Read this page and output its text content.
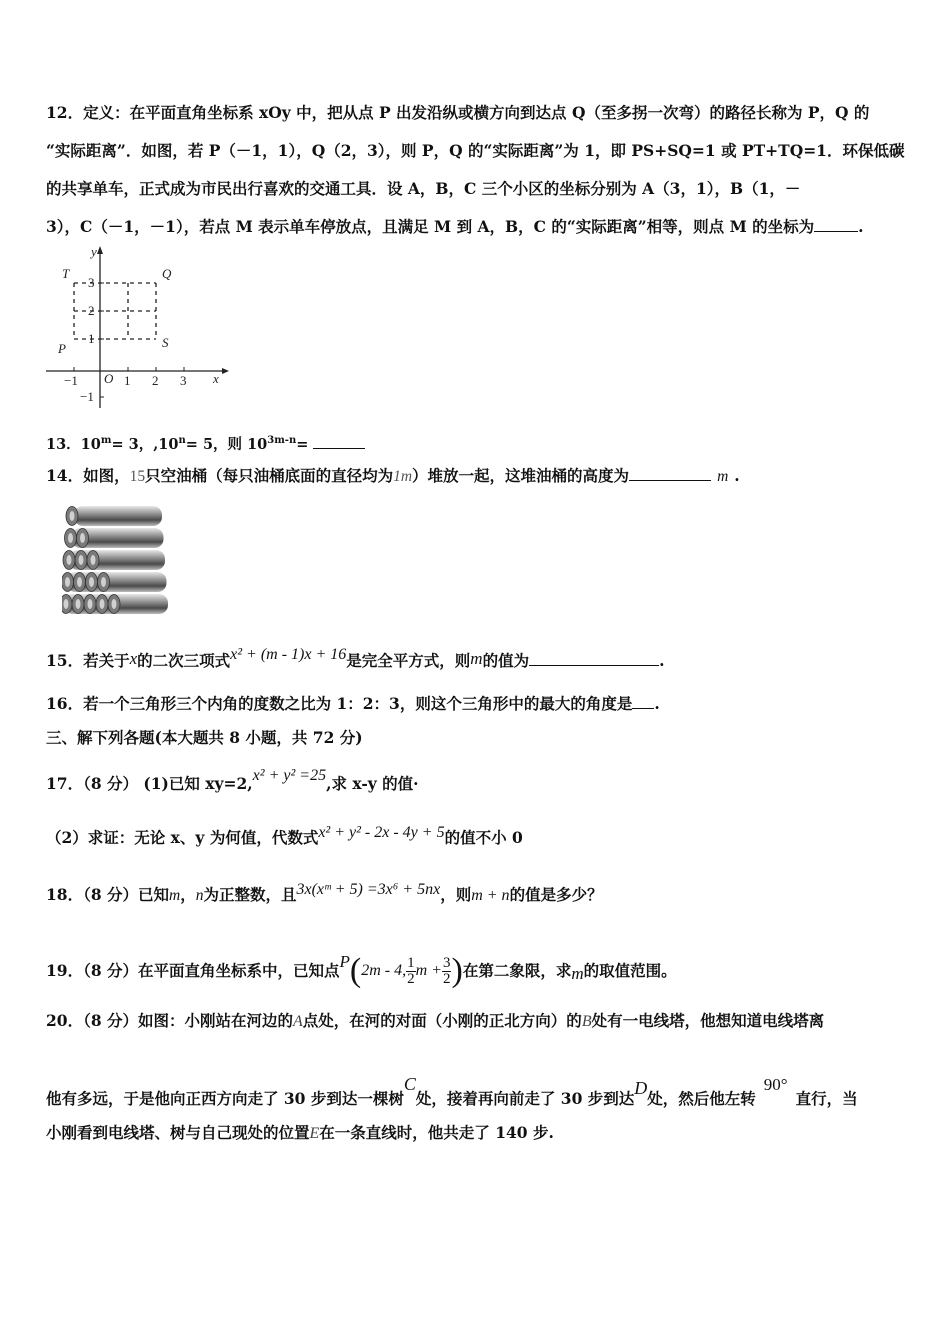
12．定义：在平面直角坐标系 xOy 中，把从点 P 出发沿纵或横方向到达点 Q（至多拐一次弯）的路径长称为 P，Q 的
“实际距离”．如图，若 P（－1，1），Q（2，3），则 P，Q 的“实际距离”为 1，即 PS+SQ=1 或 PT+TQ=1．环保低碳
的共享单车，正式成为市民出行喜欢的交通工具．设 A，B，C 三个小区的坐标分别为 A（3，1），B（1，－
3），C（－1，－1），若点 M 表示单车停放点，且满足 M 到 A，B，C 的“实际距离”相等，则点 M 的坐标为	.
y
x
O
−1	1 2 3
3
2
1
−1
T	Q
P	S
13．$10^m= 3$，$,10^n= 5$，则 $10^{3m-n}=$
14．如图，15只空油桶（每只油桶底面的直径均为1m）堆放一起，这堆油桶的高度为	m .
15．若关于x的二次三项式x² + (m - 1)x + 16是完全平方式，则m的值为	.
16．若一个三角形三个内角的度数之比为 1：2：3，则这个三角形中的最大的角度是 .
三、解下列各题(本大题共 8 小题，共 72 分)
17．（8 分） (1)已知 xy=2,x² + y² =25,求 x-y 的值·
（2）求证：无论 x、y 为何值，代数式x² + y² - 2x - 4y + 5的值不小 0
18．（8 分）已知m，n为正整数，且3x(xᵐ + 5) =3x⁶ + 5nx，则m + n的值是多少？
19．（8 分）在平面直角坐标系中，已知点P(2m - 4, $\frac{1}{2}$ $m + \frac{3}{2}$ )在第二象限，求m的取值范围。
20．（8 分）如图：小刚站在河边的A点处，在河的对面（小刚的正北方向）的B处有一电线塔，他想知道电线塔离
他有多远，于是他向正西方向走了 30 步到达一棵树C处，接着再向前走了 30 步到达D处，然后他左转90°直行，当
小刚看到电线塔、树与自己现处的位置E在一条直线时，他共走了 140 步.
